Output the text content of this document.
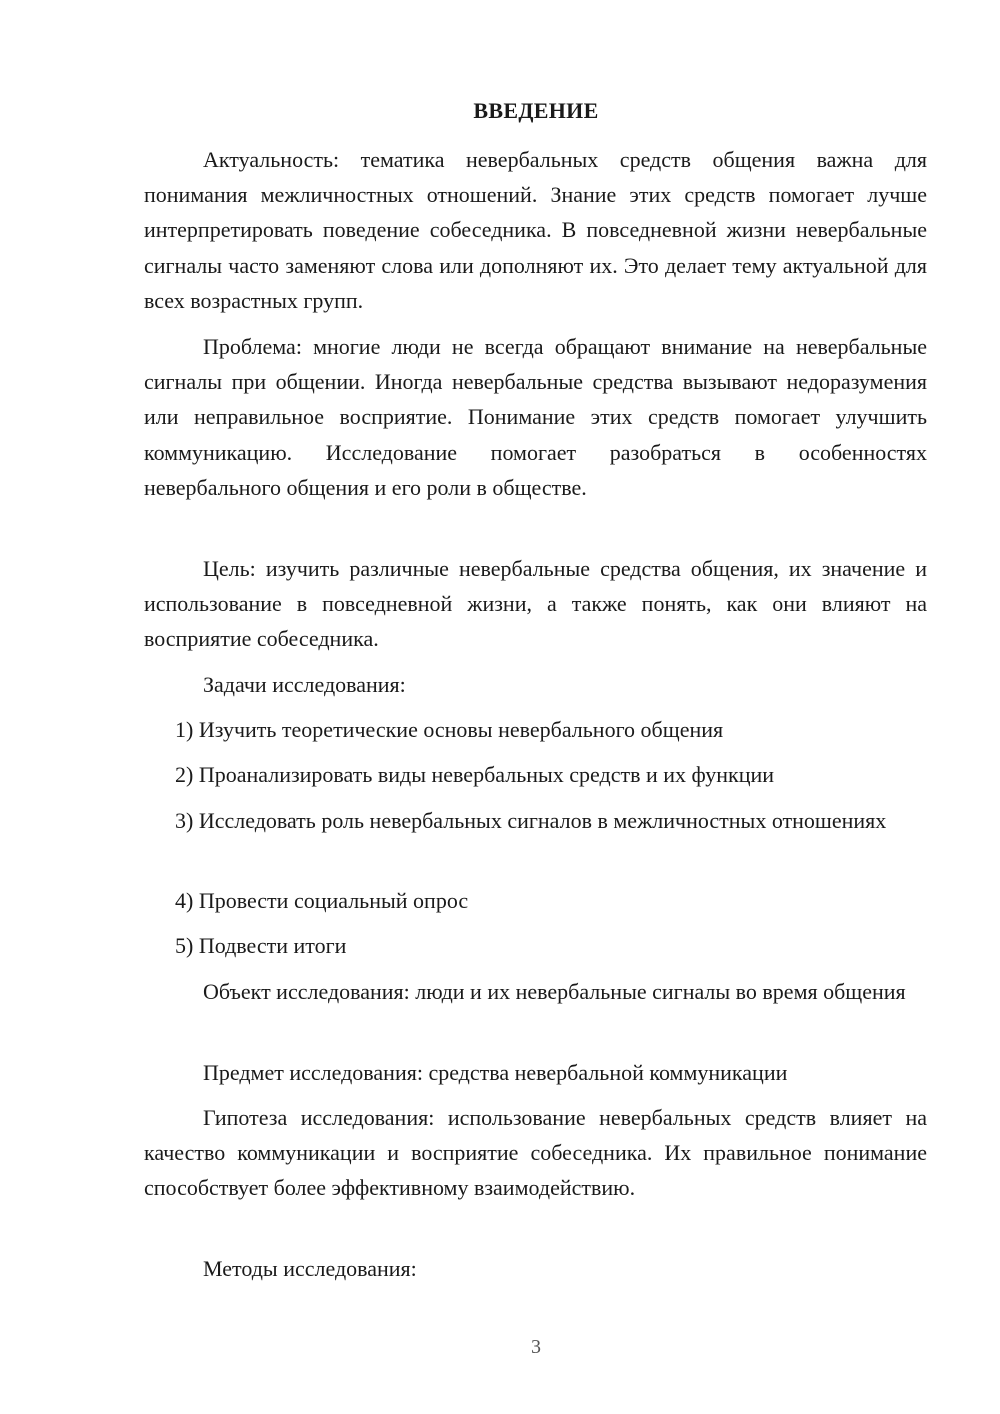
ВВЕДЕНИЕ

Актуальность: тематика невербальных средств общения важна для понимания межличностных отношений. Знание этих средств помогает лучше интерпретировать поведение собеседника. В повседневной жизни невербальные сигналы часто заменяют слова или дополняют их. Это делает тему актуальной для всех возрастных групп.

Проблема: многие люди не всегда обращают внимание на невербальные сигналы при общении. Иногда невербальные средства вызывают недоразумения или неправильное восприятие. Понимание этих средств помогает улучшить коммуникацию. Исследование помогает разобраться в особенностях невербального общения и его роли в обществе.

Цель: изучить различные невербальные средства общения, их значение и использование в повседневной жизни, а также понять, как они влияют на восприятие собеседника.

Задачи исследования:

1) Изучить теоретические основы невербального общения

2) Проанализировать виды невербальных средств и их функции

3) Исследовать роль невербальных сигналов в межличностных отношениях

4) Провести социальный опрос

5) Подвести итоги

Объект исследования: люди и их невербальные сигналы во время общения

Предмет исследования: средства невербальной коммуникации

Гипотеза исследования: использование невербальных средств влияет на качество коммуникации и восприятие собеседника. Их правильное понимание способствует более эффективному взаимодействию.

Методы исследования:

3
